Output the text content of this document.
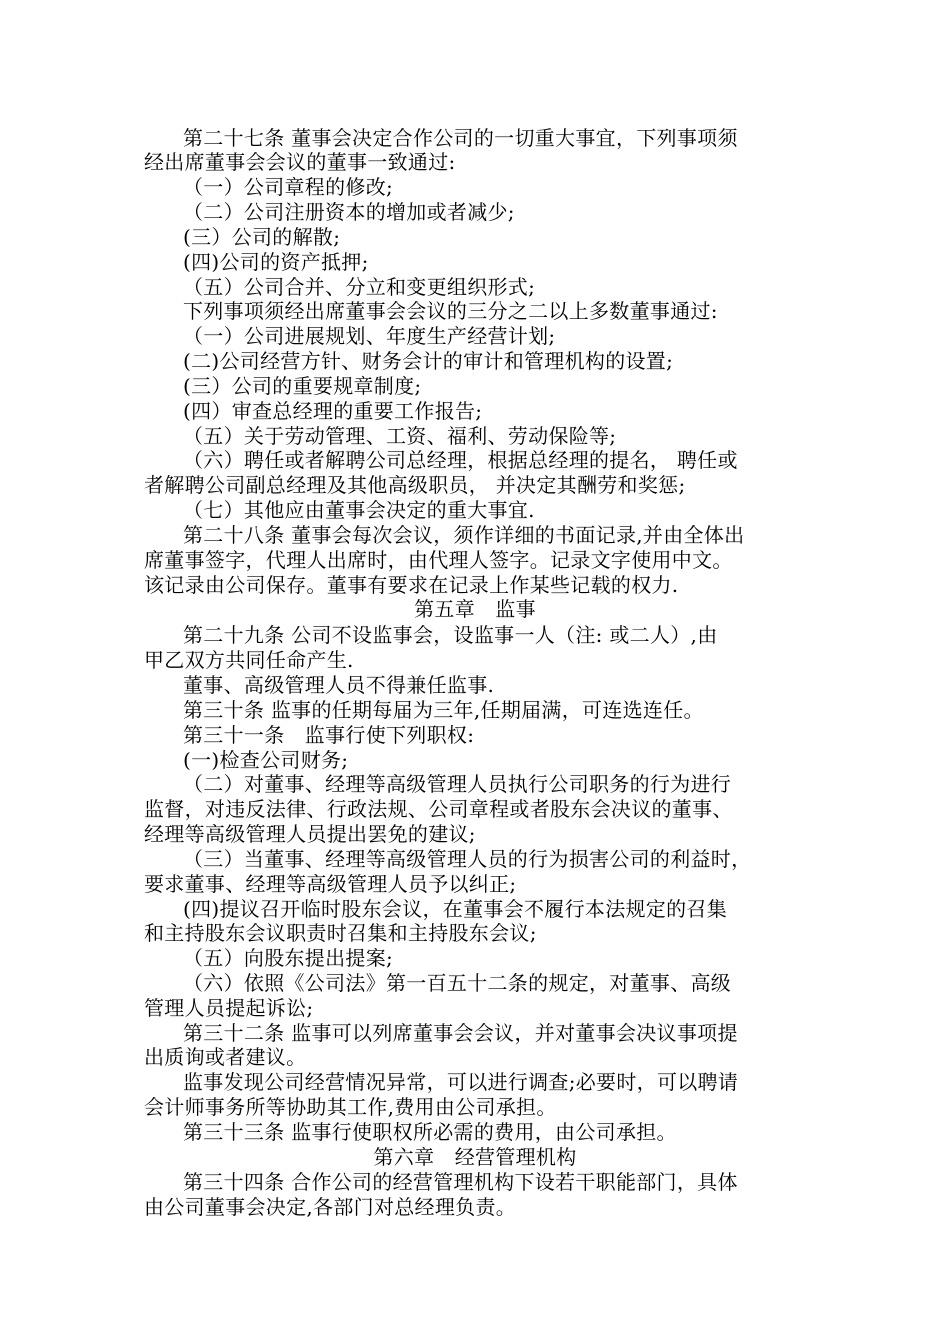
第二十七条 董事会决定合作公司的一切重大事宜，下列事项须
经出席董事会会议的董事一致通过:
（一）公司章程的修改;
（二）公司注册资本的增加或者减少;
(三）公司的解散;
(四)公司的资产抵押;
（五）公司合并、分立和变更组织形式;
下列事项须经出席董事会会议的三分之二以上多数董事通过:
（一）公司进展规划、年度生产经营计划;
(二)公司经营方针、财务会计的审计和管理机构的设置;
(三）公司的重要规章制度;
(四）审查总经理的重要工作报告;
（五）关于劳动管理、工资、福利、劳动保险等;
（六）聘任或者解聘公司总经理，根据总经理的提名， 聘任或
者解聘公司副总经理及其他高级职员， 并决定其酬劳和奖惩;
（七）其他应由董事会决定的重大事宜.
第二十八条 董事会每次会议，须作详细的书面记录,并由全体出
席董事签字，代理人出席时，由代理人签字。记录文字使用中文。
该记录由公司保存。董事有要求在记录上作某些记载的权力.
第五章　监事
第二十九条 公司不设监事会，设监事一人（注: 或二人）,由
甲乙双方共同任命产生.
董事、高级管理人员不得兼任监事.
第三十条 监事的任期每届为三年,任期届满，可连选连任。
第三十一条　监事行使下列职权:
(一)检查公司财务;
（二）对董事、经理等高级管理人员执行公司职务的行为进行
监督，对违反法律、行政法规、公司章程或者股东会决议的董事、
经理等高级管理人员提出罢免的建议;
（三）当董事、经理等高级管理人员的行为损害公司的利益时，
要求董事、经理等高级管理人员予以纠正;
(四)提议召开临时股东会议，在董事会不履行本法规定的召集
和主持股东会议职责时召集和主持股东会议;
（五）向股东提出提案;
（六）依照《公司法》第一百五十二条的规定，对董事、高级
管理人员提起诉讼;
第三十二条 监事可以列席董事会会议，并对董事会决议事项提
出质询或者建议。
监事发现公司经营情况异常，可以进行调查;必要时，可以聘请
会计师事务所等协助其工作,费用由公司承担。
第三十三条 监事行使职权所必需的费用，由公司承担。
第六章　经营管理机构
第三十四条 合作公司的经营管理机构下设若干职能部门，具体
由公司董事会决定,各部门对总经理负责。
